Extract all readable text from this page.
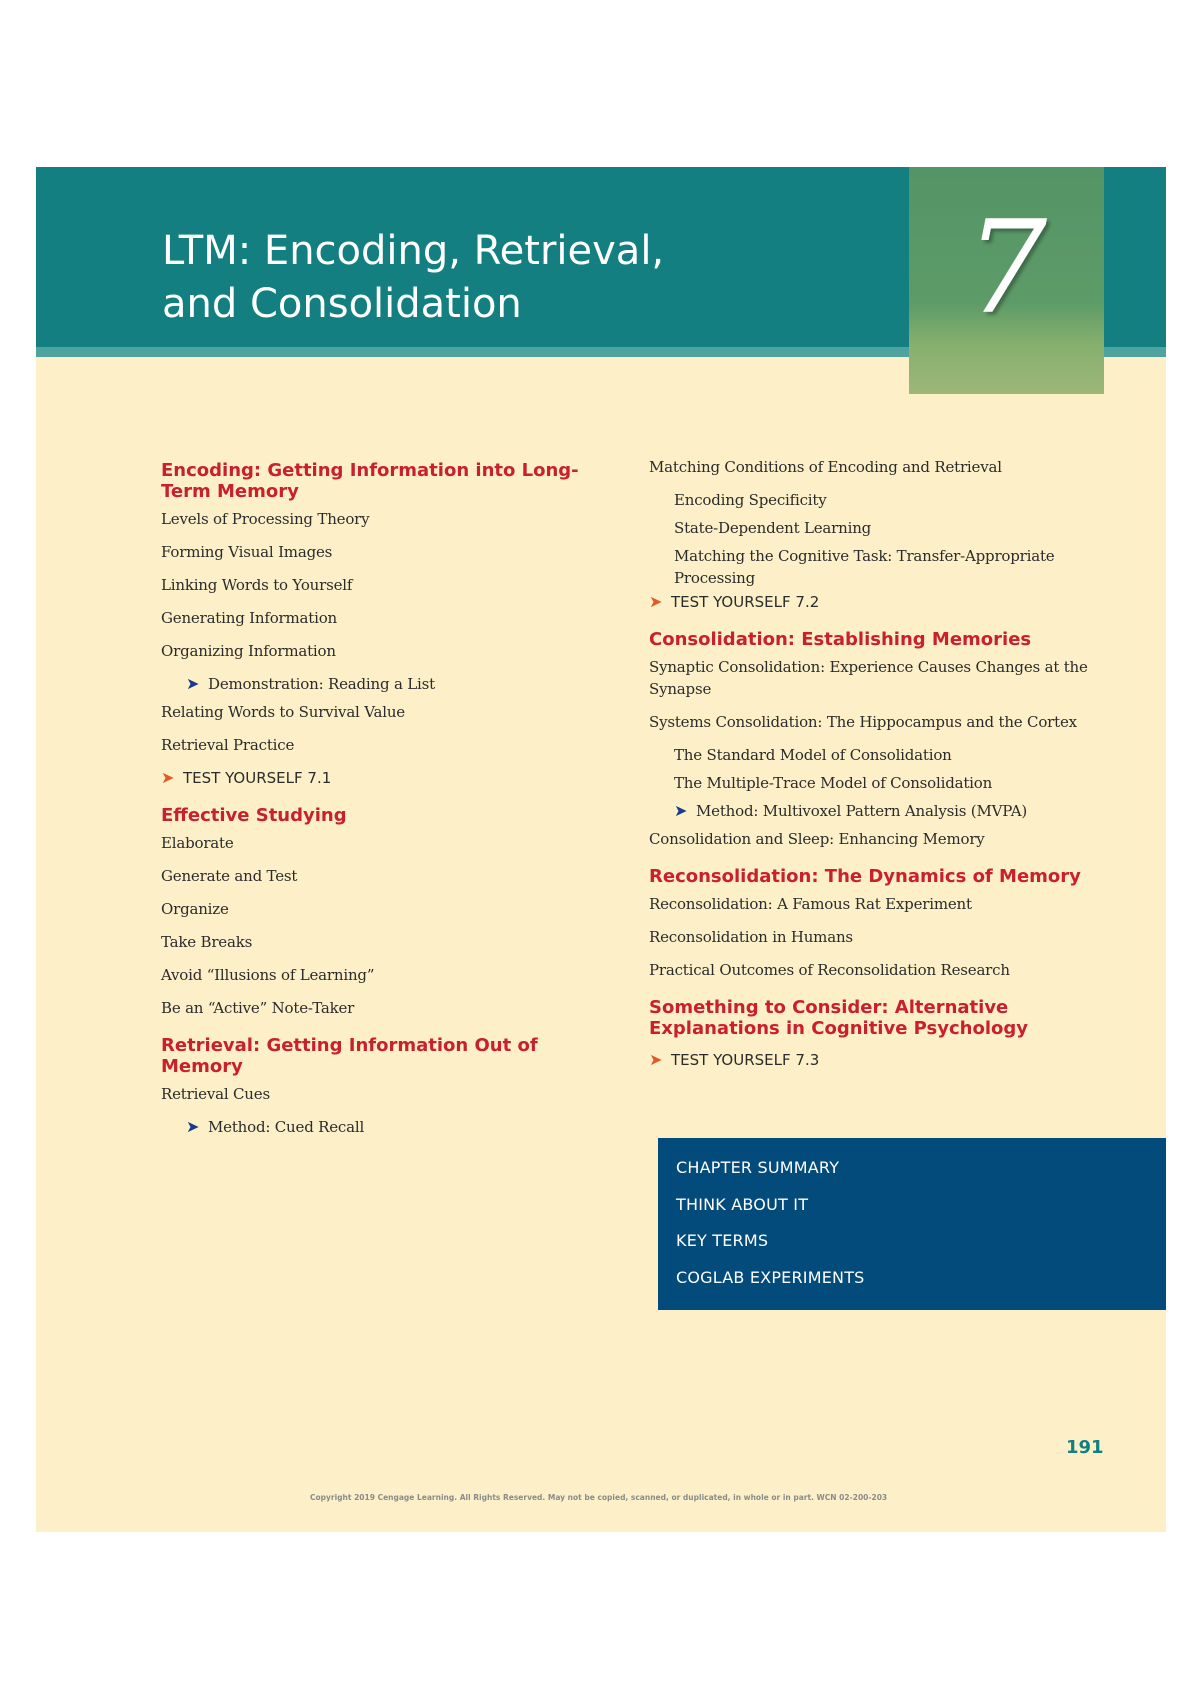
LTM: Encoding, Retrieval,
and Consolidation	7
Encoding: Getting Information into Long-Term Memory
Levels of Processing Theory
Forming Visual Images
Linking Words to Yourself
Generating Information
Organizing Information
➤ Demonstration: Reading a List
Relating Words to Survival Value
Retrieval Practice
➤ TEST YOURSELF 7.1
Effective Studying
Elaborate
Generate and Test
Organize
Take Breaks
Avoid “Illusions of Learning”
Be an “Active” Note-Taker
Retrieval: Getting Information Out of Memory
Retrieval Cues
➤ Method: Cued Recall
Matching Conditions of Encoding and Retrieval
Encoding Specificity
State-Dependent Learning
Matching the Cognitive Task: Transfer-Appropriate Processing
➤ TEST YOURSELF 7.2
Consolidation: Establishing Memories
Synaptic Consolidation: Experience Causes Changes at the Synapse
Systems Consolidation: The Hippocampus and the Cortex
The Standard Model of Consolidation
The Multiple-Trace Model of Consolidation
➤ Method: Multivoxel Pattern Analysis (MVPA)
Consolidation and Sleep: Enhancing Memory
Reconsolidation: The Dynamics of Memory
Reconsolidation: A Famous Rat Experiment
Reconsolidation in Humans
Practical Outcomes of Reconsolidation Research
Something to Consider: Alternative Explanations in Cognitive Psychology
➤ TEST YOURSELF 7.3
CHAPTER SUMMARY
THINK ABOUT IT
KEY TERMS
COGLAB EXPERIMENTS
191
Copyright 2019 Cengage Learning. All Rights Reserved. May not be copied, scanned, or duplicated, in whole or in part. WCN 02-200-203
